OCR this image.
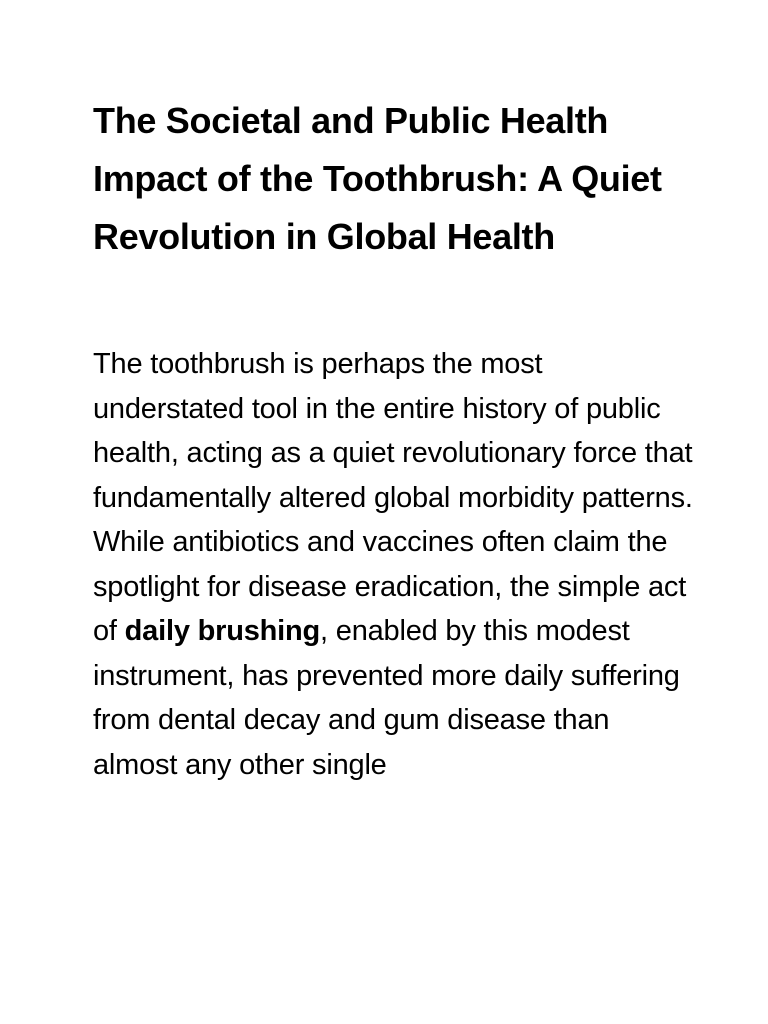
The Societal and Public Health Impact of the Toothbrush: A Quiet Revolution in Global Health

The toothbrush is perhaps the most understated tool in the entire history of public health, acting as a quiet revolutionary force that fundamentally altered global morbidity patterns. While antibiotics and vaccines often claim the spotlight for disease eradication, the simple act of daily brushing, enabled by this modest instrument, has prevented more daily suffering from dental decay and gum disease than almost any other single
